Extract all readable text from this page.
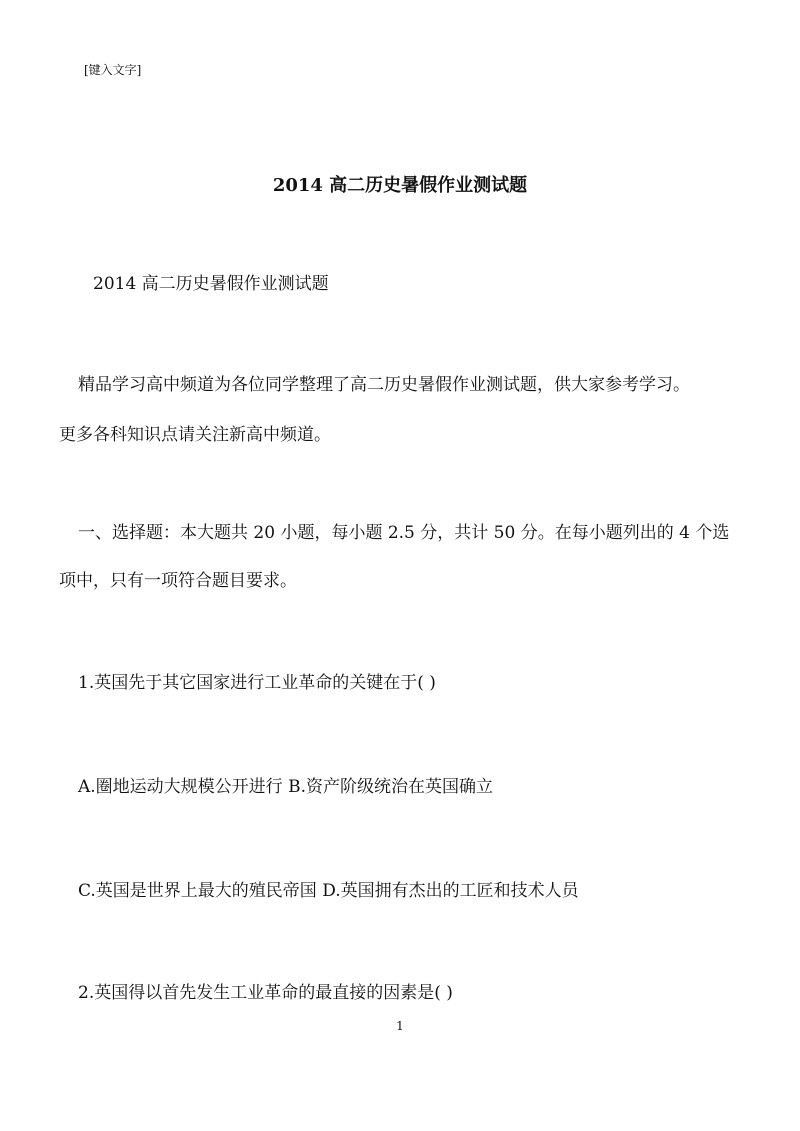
[键入文字]
2014 高二历史暑假作业测试题
2014 高二历史暑假作业测试题
精品学习高中频道为各位同学整理了高二历史暑假作业测试题，供大家参考学习。
更多各科知识点请关注新高中频道。
一、选择题：本大题共 20 小题，每小题 2.5 分，共计 50 分。在每小题列出的 4 个选
项中，只有一项符合题目要求。
1.英国先于其它国家进行工业革命的关键在于( )
A.圈地运动大规模公开进行 B.资产阶级统治在英国确立
C.英国是世界上最大的殖民帝国 D.英国拥有杰出的工匠和技术人员
2.英国得以首先发生工业革命的最直接的因素是( )
1
